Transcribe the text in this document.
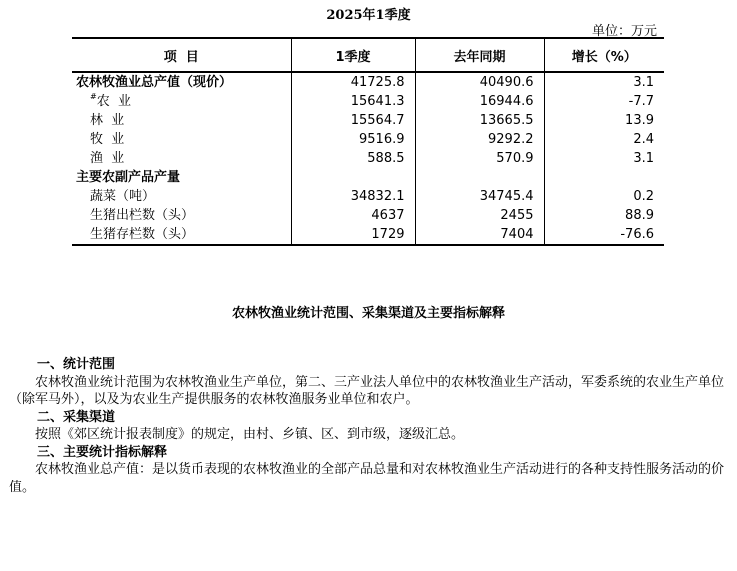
2025年1季度
单位：万元
项  目	1季度	去年同期	增长（%）
农林牧渔业总产值（现价）	41725.8	40490.6	3.1
#农  业	15641.3	16944.6	-7.7
林  业	15564.7	13665.5	13.9
牧  业	9516.9	9292.2	2.4
渔  业	588.5	570.9	3.1
主要农副产品产量			
蔬菜（吨）	34832.1	34745.4	0.2
生猪出栏数（头）	4637	2455	88.9
生猪存栏数（头）	1729	7404	-76.6
农林牧渔业统计范围、采集渠道及主要指标解释
一、统计范围
农林牧渔业统计范围为农林牧渔业生产单位，第二、三产业法人单位中的农林牧渔业生产活动，军委系统的农业生产单位（除军马外），以及为农业生产提供服务的农林牧渔服务业单位和农户。
二、采集渠道
按照《郊区统计报表制度》的规定，由村、乡镇、区、到市级，逐级汇总。
三、主要统计指标解释
农林牧渔业总产值：是以货币表现的农林牧渔业的全部产品总量和对农林牧渔业生产活动进行的各种支持性服务活动的价值。
